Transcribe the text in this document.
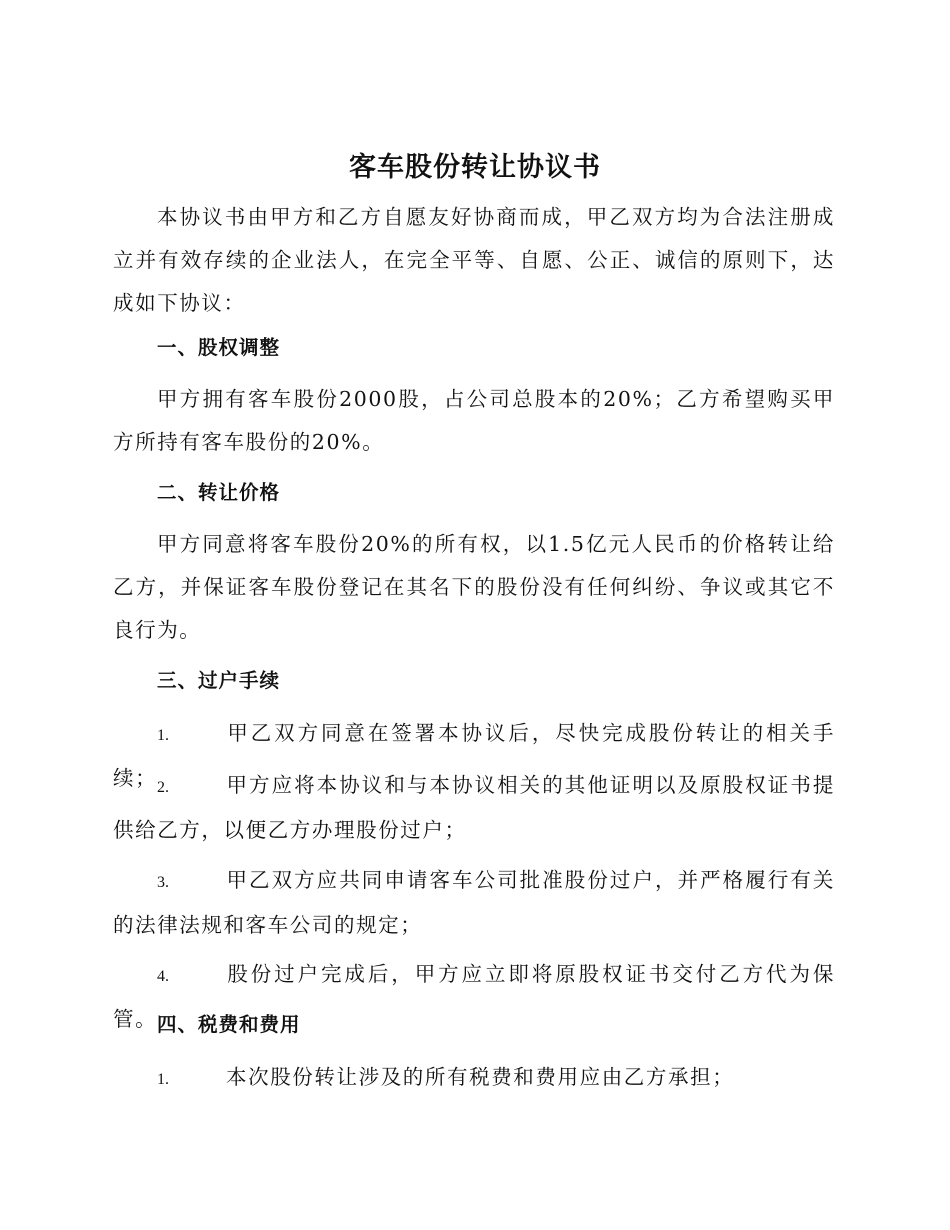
客车股份转让协议书

本协议书由甲方和乙方自愿友好协商而成，甲乙双方均为合法注册成立并有效存续的企业法人，在完全平等、自愿、公正、诚信的原则下，达成如下协议：

一、股权调整

甲方拥有客车股份2000股，占公司总股本的20%；乙方希望购买甲方所持有客车股份的20%。

二、转让价格

甲方同意将客车股份20%的所有权，以1.5亿元人民币的价格转让给乙方，并保证客车股份登记在其名下的股份没有任何纠纷、争议或其它不良行为。

三、过户手续
1.	甲乙双方同意在签署本协议后，尽快完成股份转让的相关手续； 2.	甲方应将本协议和与本协议相关的其他证明以及原股权证书提供给乙方，以便乙方办理股份过户；
3.	甲乙双方应共同申请客车公司批准股份过户，并严格履行有关的法律法规和客车公司的规定；
4.	股份过户完成后，甲方应立即将原股权证书交付乙方代为保管。 四、税费和费用
1.	本次股份转让涉及的所有税费和费用应由乙方承担；
